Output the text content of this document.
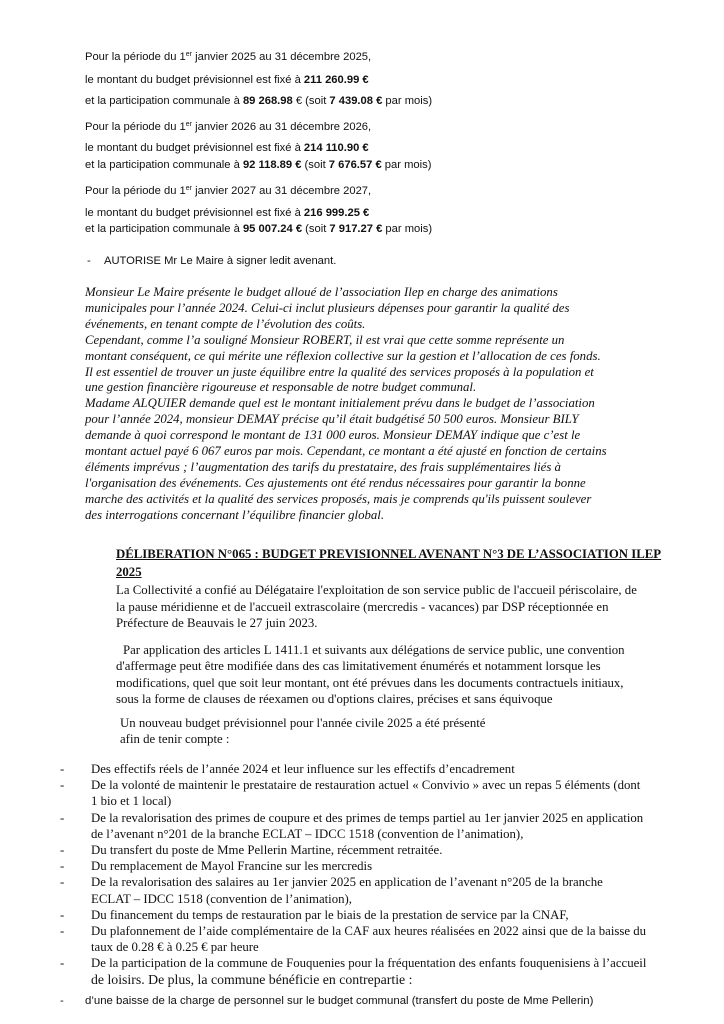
Pour la période du 1er janvier 2025 au 31 décembre 2025,
le montant du budget prévisionnel est fixé à 211 260.99 €
et la participation communale à 89 268.98 € (soit 7 439.08 € par mois)
Pour la période du 1er janvier 2026 au 31 décembre 2026,
le montant du budget prévisionnel est fixé à 214 110.90 €
et la participation communale à 92 118.89 € (soit 7 676.57 € par mois)
Pour la période du 1er janvier 2027 au 31 décembre 2027,
le montant du budget prévisionnel est fixé à 216 999.25 €
et la participation communale à 95 007.24 € (soit 7 917.27 € par mois)
- AUTORISE Mr Le Maire à signer ledit avenant.
Monsieur Le Maire présente le budget alloué de l’association Ilep en charge des animations
municipales pour l’année 2024. Celui-ci inclut plusieurs dépenses pour garantir la qualité des
événements, en tenant compte de l’évolution des coûts.
Cependant, comme l’a souligné Monsieur ROBERT, il est vrai que cette somme représente un
montant conséquent, ce qui mérite une réflexion collective sur la gestion et l’allocation de ces fonds.
Il est essentiel de trouver un juste équilibre entre la qualité des services proposés à la population et
une gestion financière rigoureuse et responsable de notre budget communal.
Madame ALQUIER demande quel est le montant initialement prévu dans le budget de l’association
pour l’année 2024, monsieur DEMAY précise qu’il était budgétisé 50 500 euros. Monsieur BILY
demande à quoi correspond le montant de 131 000 euros. Monsieur DEMAY indique que c’est le
montant actuel payé 6 067 euros par mois. Cependant, ce montant a été ajusté en fonction de certains
éléments imprévus ; l’augmentation des tarifs du prestataire, des frais supplémentaires liés à
l'organisation des événements. Ces ajustements ont été rendus nécessaires pour garantir la bonne
marche des activités et la qualité des services proposés, mais je comprends qu'ils puissent soulever
des interrogations concernant l’équilibre financier global.
DÉLIBERATION N°065 : BUDGET PREVISIONNEL AVENANT N°3 DE L’ASSOCIATION ILEP
2025
La Collectivité a confié au Délégataire l'exploitation de son service public de l'accueil périscolaire, de
la pause méridienne et de l'accueil extrascolaire (mercredis - vacances) par DSP réceptionnée en
Préfecture de Beauvais le 27 juin 2023.
Par application des articles L 1411.1 et suivants aux délégations de service public, une convention
d'affermage peut être modifiée dans des cas limitativement énumérés et notamment lorsque les
modifications, quel que soit leur montant, ont été prévues dans les documents contractuels initiaux,
sous la forme de clauses de réexamen ou d'options claires, précises et sans équivoque
Un nouveau budget prévisionnel pour l'année civile 2025 a été présenté
afin de tenir compte :
- Des effectifs réels de l’année 2024 et leur influence sur les effectifs d’encadrement
- De la volonté de maintenir le prestataire de restauration actuel « Convivio » avec un repas 5 éléments (dont
1 bio et 1 local)
- De la revalorisation des primes de coupure et des primes de temps partiel au 1er janvier 2025 en application
de l’avenant n°201 de la branche ECLAT – IDCC 1518 (convention de l’animation),
- Du transfert du poste de Mme Pellerin Martine, récemment retraitée.
- Du remplacement de Mayol Francine sur les mercredis
- De la revalorisation des salaires au 1er janvier 2025 en application de l’avenant n°205 de la branche
ECLAT – IDCC 1518 (convention de l’animation),
- Du financement du temps de restauration par le biais de la prestation de service par la CNAF,
- Du plafonnement de l’aide complémentaire de la CAF aux heures réalisées en 2022 ainsi que de la baisse du
taux de 0.28 € à 0.25 € par heure
- De la participation de la commune de Fouquenies pour la fréquentation des enfants fouquenisiens à l’accueil
de loisirs. De plus, la commune bénéficie en contrepartie :
- d’une baisse de la charge de personnel sur le budget communal (transfert du poste de Mme Pellerin)
